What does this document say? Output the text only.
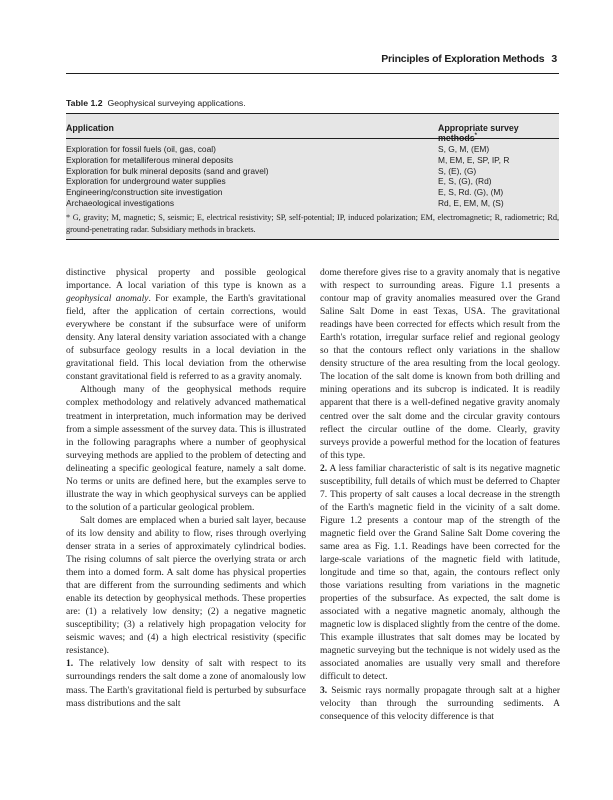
Principles of Exploration Methods 3
Table 1.2 Geophysical surveying applications.
Application	Appropriate survey methods*
Exploration for fossil fuels (oil, gas, coal)	S, G, M, (EM)
Exploration for metalliferous mineral deposits	M, EM, E, SP, IP, R
Exploration for bulk mineral deposits (sand and gravel)	S, (E), (G)
Exploration for underground water supplies	E, S, (G), (Rd)
Engineering/construction site investigation	E, S, Rd. (G), (M)
Archaeological investigations	Rd, E, EM, M, (S)
* G, gravity; M, magnetic; S, seismic; E, electrical resistivity; SP, self-potential; IP, induced polarization; EM, electromagnetic; R, radiometric; Rd, ground-penetrating radar. Subsidiary methods in brackets.

distinctive physical property and possible geological importance. A local variation of this type is known as a geophysical anomaly. For example, the Earth's gravitational field, after the application of certain corrections, would everywhere be constant if the subsurface were of uniform density. Any lateral density variation associated with a change of subsurface geology results in a local deviation in the gravitational field. This local deviation from the otherwise constant gravitational field is referred to as a gravity anomaly.

Although many of the geophysical methods require complex methodology and relatively advanced mathematical treatment in interpretation, much information may be derived from a simple assessment of the survey data. This is illustrated in the following paragraphs where a number of geophysical surveying methods are applied to the problem of detecting and delineating a specific geological feature, namely a salt dome. No terms or units are defined here, but the examples serve to illustrate the way in which geophysical surveys can be applied to the solution of a particular geological problem.

Salt domes are emplaced when a buried salt layer, because of its low density and ability to flow, rises through overlying denser strata in a series of approximately cylindrical bodies. The rising columns of salt pierce the overlying strata or arch them into a domed form. A salt dome has physical properties that are different from the surrounding sediments and which enable its detection by geophysical methods. These properties are: (1) a relatively low density; (2) a negative magnetic susceptibility; (3) a relatively high propagation velocity for seismic waves; and (4) a high electrical resistivity (specific resistance).

1. The relatively low density of salt with respect to its surroundings renders the salt dome a zone of anomalously low mass. The Earth's gravitational field is perturbed by subsurface mass distributions and the salt

dome therefore gives rise to a gravity anomaly that is negative with respect to surrounding areas. Figure 1.1 presents a contour map of gravity anomalies measured over the Grand Saline Salt Dome in east Texas, USA. The gravitational readings have been corrected for effects which result from the Earth's rotation, irregular surface relief and regional geology so that the contours reflect only variations in the shallow density structure of the area resulting from the local geology. The location of the salt dome is known from both drilling and mining operations and its subcrop is indicated. It is readily apparent that there is a well-defined negative gravity anomaly centred over the salt dome and the circular gravity contours reflect the circular outline of the dome. Clearly, gravity surveys provide a powerful method for the location of features of this type.

2. A less familiar characteristic of salt is its negative magnetic susceptibility, full details of which must be deferred to Chapter 7. This property of salt causes a local decrease in the strength of the Earth's magnetic field in the vicinity of a salt dome. Figure 1.2 presents a contour map of the strength of the magnetic field over the Grand Saline Salt Dome covering the same area as Fig. 1.1. Readings have been corrected for the large-scale variations of the magnetic field with latitude, longitude and time so that, again, the contours reflect only those variations resulting from variations in the magnetic properties of the subsurface. As expected, the salt dome is associated with a negative magnetic anomaly, although the magnetic low is displaced slightly from the centre of the dome. This example illustrates that salt domes may be located by magnetic surveying but the technique is not widely used as the associated anomalies are usually very small and therefore difficult to detect.

3. Seismic rays normally propagate through salt at a higher velocity than through the surrounding sediments. A consequence of this velocity difference is that
